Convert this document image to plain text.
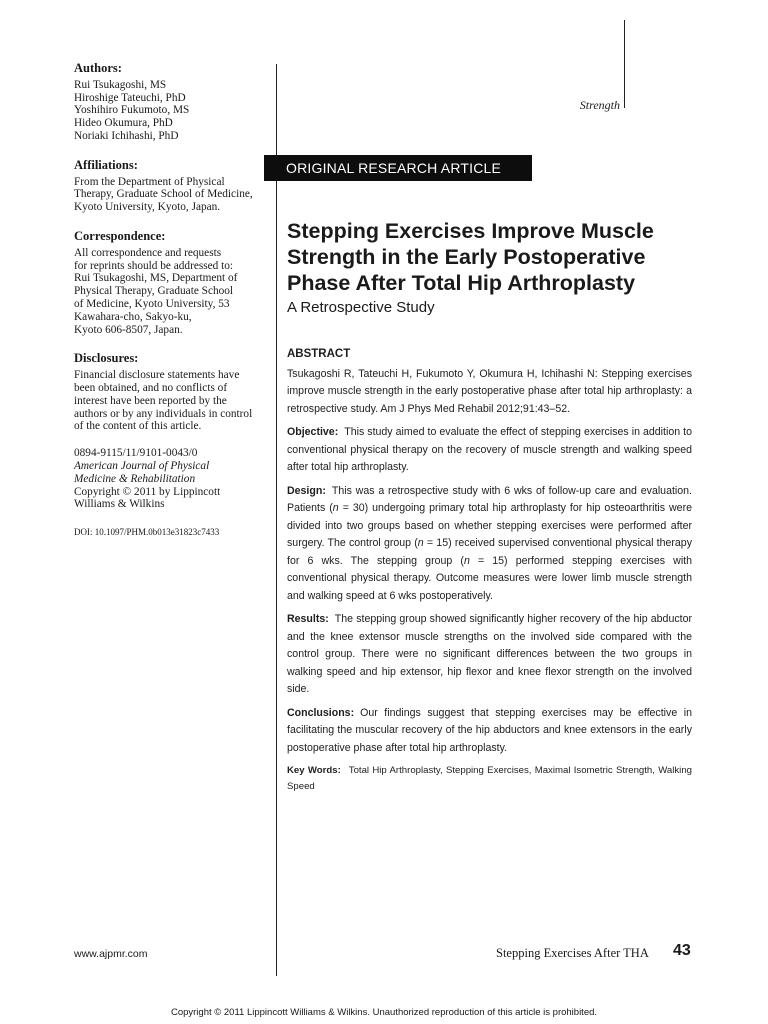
Authors:
Rui Tsukagoshi, MS
Hiroshige Tateuchi, PhD
Yoshihiro Fukumoto, MS
Hideo Okumura, PhD
Noriaki Ichihashi, PhD
Affiliations:
From the Department of Physical
Therapy, Graduate School of Medicine,
Kyoto University, Kyoto, Japan.
Correspondence:
All correspondence and requests
for reprints should be addressed to:
Rui Tsukagoshi, MS, Department of
Physical Therapy, Graduate School
of Medicine, Kyoto University, 53
Kawahara-cho, Sakyo-ku,
Kyoto 606-8507, Japan.
Disclosures:
Financial disclosure statements have
been obtained, and no conflicts of
interest have been reported by the
authors or by any individuals in control
of the content of this article.
0894-9115/11/9101-0043/0
American Journal of Physical
Medicine & Rehabilitation
Copyright © 2011 by Lippincott
Williams & Wilkins
DOI: 10.1097/PHM.0b013e31823c7433
Strength
ORIGINAL RESEARCH ARTICLE
Stepping Exercises Improve Muscle
Strength in the Early Postoperative
Phase After Total Hip Arthroplasty
A Retrospective Study
ABSTRACT

Tsukagoshi R, Tateuchi H, Fukumoto Y, Okumura H, Ichihashi N: Stepping exercises improve muscle strength in the early postoperative phase after total hip arthroplasty: a retrospective study. Am J Phys Med Rehabil 2012;91:43–52.

Objective: This study aimed to evaluate the effect of stepping exercises in addition to conventional physical therapy on the recovery of muscle strength and walking speed after total hip arthroplasty.

Design: This was a retrospective study with 6 wks of follow-up care and evaluation. Patients (n = 30) undergoing primary total hip arthroplasty for hip osteoarthritis were divided into two groups based on whether stepping exercises were performed after surgery. The control group (n = 15) received supervised conventional physical therapy for 6 wks. The stepping group (n = 15) performed stepping exercises with conventional physical therapy. Outcome measures were lower limb muscle strength and walking speed at 6 wks postoperatively.

Results: The stepping group showed significantly higher recovery of the hip abductor and the knee extensor muscle strengths on the involved side compared with the control group. There were no significant differences between the two groups in walking speed and hip extensor, hip flexor and knee flexor strength on the involved side.

Conclusions: Our findings suggest that stepping exercises may be effective in facilitating the muscular recovery of the hip abductors and knee extensors in the early postoperative phase after total hip arthroplasty.

Key Words: Total Hip Arthroplasty, Stepping Exercises, Maximal Isometric Strength, Walking Speed

www.ajpmr.com	Stepping Exercises After THA 43
Copyright © 2011 Lippincott Williams & Wilkins. Unauthorized reproduction of this article is prohibited.
